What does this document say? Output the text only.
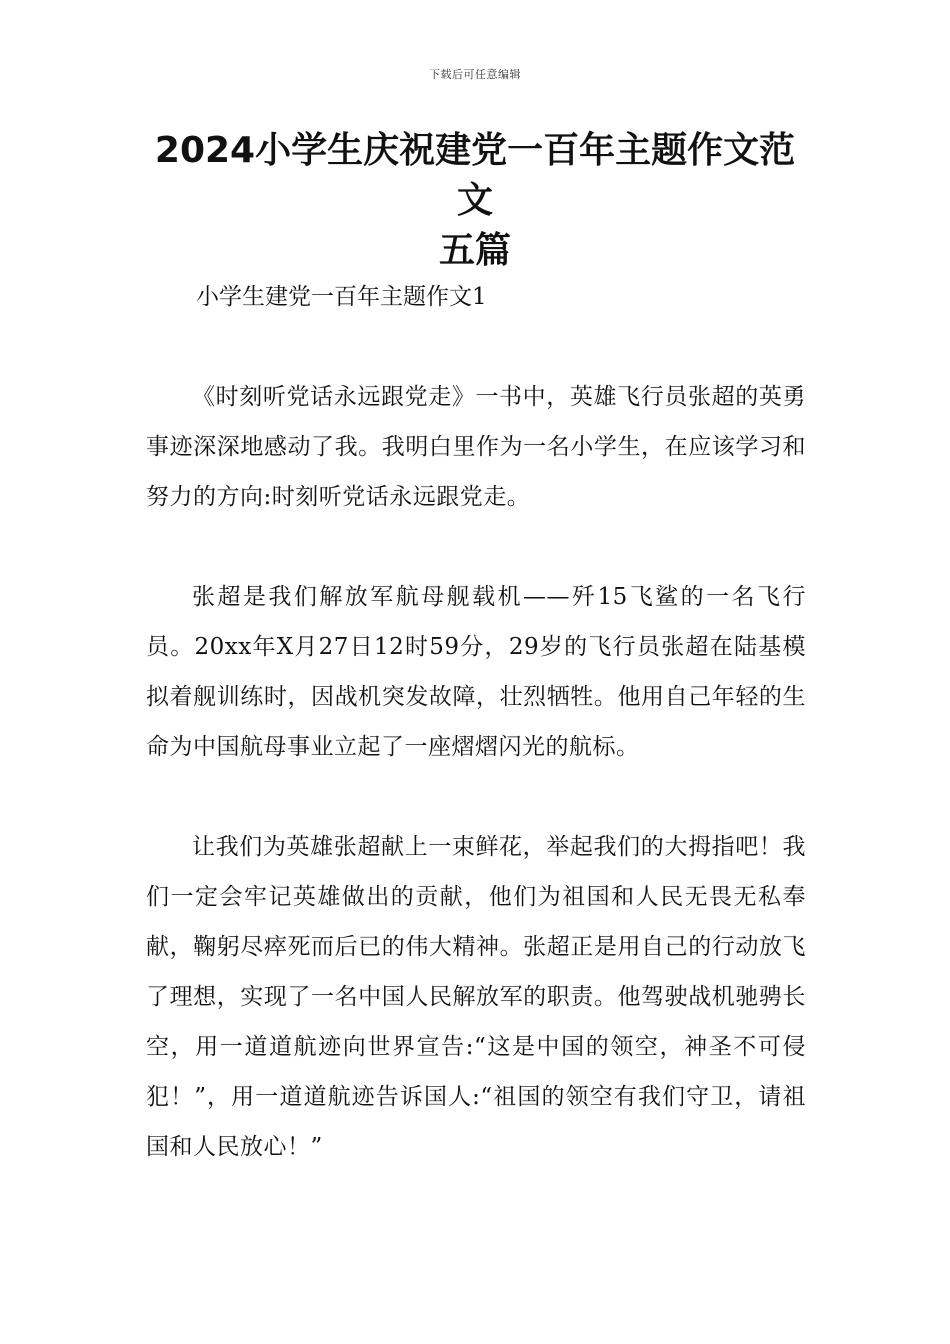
下载后可任意编辑
2024小学生庆祝建党一百年主题作文范文
五篇
小学生建党一百年主题作文1

《时刻听党话永远跟党走》一书中，英雄飞行员张超的英勇事迹深深地感动了我。我明白里作为一名小学生，在应该学习和努力的方向:时刻听党话永远跟党走。

张超是我们解放军航母舰载机——歼15飞鲨的一名飞行员。20xx年X月27日12时59分，29岁的飞行员张超在陆基模拟着舰训练时，因战机突发故障，壮烈牺牲。他用自己年轻的生命为中国航母事业立起了一座熠熠闪光的航标。

让我们为英雄张超献上一束鲜花，举起我们的大拇指吧！我们一定会牢记英雄做出的贡献，他们为祖国和人民无畏无私奉献，鞠躬尽瘁死而后已的伟大精神。张超正是用自己的行动放飞了理想，实现了一名中国人民解放军的职责。他驾驶战机驰骋长空，用一道道航迹向世界宣告:“这是中国的领空，神圣不可侵犯！”，用一道道航迹告诉国人:“祖国的领空有我们守卫，请祖国和人民放心！”
